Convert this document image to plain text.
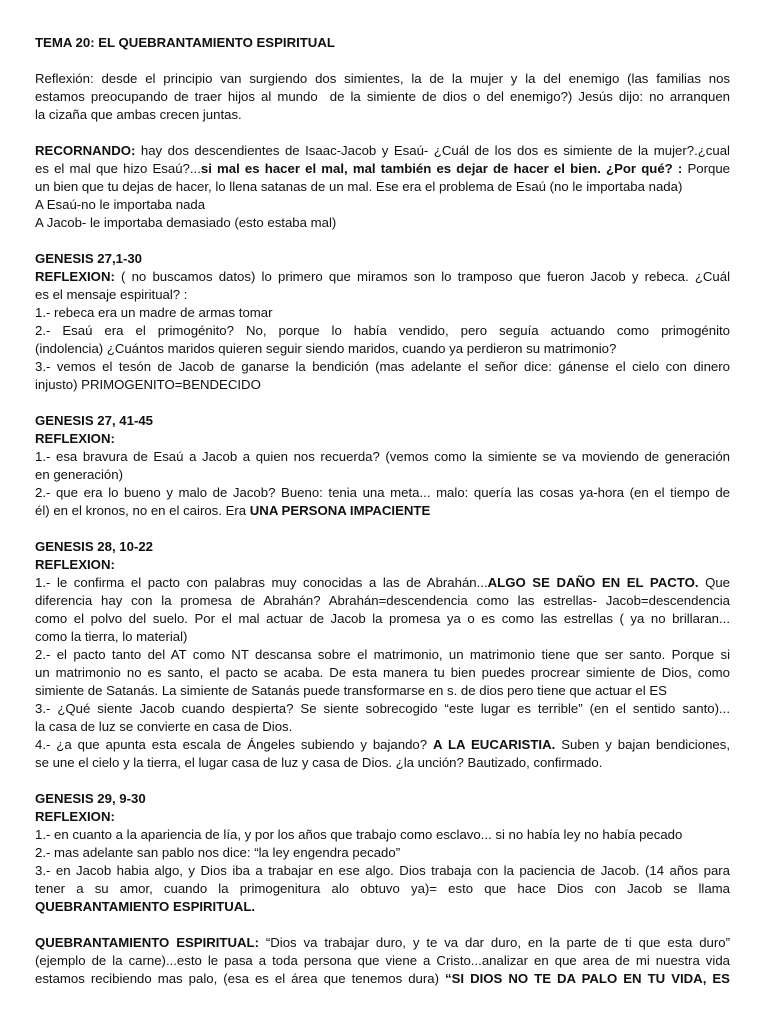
TEMA 20: EL QUEBRANTAMIENTO ESPIRITUAL
Reflexión: desde el principio van surgiendo dos simientes, la de la mujer y la del enemigo (las familias nos
estamos preocupando de traer hijos al mundo  de la simiente de dios o del enemigo?) Jesús dijo: no arranquen
la cizaña que ambas crecen juntas.
RECORNANDO: hay dos descendientes de Isaac-Jacob y Esaú- ¿Cuál de los dos es simiente de la mujer?.¿cual
es el mal que hizo Esaú?...si mal es hacer el mal, mal también es dejar de hacer el bien. ¿Por qué? : Porque
un bien que tu dejas de hacer, lo llena satanas de un mal. Ese era el problema de Esaú (no le importaba nada)
A Esaú-no le importaba nada
A Jacob- le importaba demasiado (esto estaba mal)
GENESIS 27,1-30
REFLEXION: ( no buscamos datos) lo primero que miramos son lo tramposo que fueron Jacob y rebeca. ¿Cuál
es el mensaje espiritual? :
1.- rebeca era un madre de armas tomar
2.- Esaú era el primogénito? No, porque lo había vendido, pero seguía actuando como primogénito
(indolencia) ¿Cuántos maridos quieren seguir siendo maridos, cuando ya perdieron su matrimonio?
3.- vemos el tesón de Jacob de ganarse la bendición (mas adelante el señor dice: gánense el cielo con dinero
injusto) PRIMOGENITO=BENDECIDO
GENESIS 27, 41-45
REFLEXION:
1.- esa bravura de Esaú a Jacob a quien nos recuerda? (vemos como la simiente se va moviendo de generación
en generación)
2.- que era lo bueno y malo de Jacob? Bueno: tenia una meta... malo: quería las cosas ya-hora (en el tiempo de
él) en el kronos, no en el cairos. Era UNA PERSONA IMPACIENTE
GENESIS 28, 10-22
REFLEXION:
1.- le confirma el pacto con palabras muy conocidas a las de Abrahán...ALGO SE DAÑO EN EL PACTO. Que
diferencia hay con la promesa de Abrahán? Abrahán=descendencia como las estrellas- Jacob=descendencia
como el polvo del suelo. Por el mal actuar de Jacob la promesa ya o es como las estrellas ( ya no brillaran...
como la tierra, lo material)
2.- el pacto tanto del AT como NT descansa sobre el matrimonio, un matrimonio tiene que ser santo. Porque si
un matrimonio no es santo, el pacto se acaba. De esta manera tu bien puedes procrear simiente de Dios, como
simiente de Satanás. La simiente de Satanás puede transformarse en s. de dios pero tiene que actuar el ES
3.- ¿Qué siente Jacob cuando despierta? Se siente sobrecogido “este lugar es terrible” (en el sentido santo)...
la casa de luz se convierte en casa de Dios.
4.- ¿a que apunta esta escala de Ángeles subiendo y bajando? A LA EUCARISTIA. Suben y bajan bendiciones,
se une el cielo y la tierra, el lugar casa de luz y casa de Dios. ¿la unción? Bautizado, confirmado.
GENESIS 29, 9-30
REFLEXION:
1.- en cuanto a la apariencia de lía, y por los años que trabajo como esclavo... si no había ley no había pecado
2.- mas adelante san pablo nos dice: “la ley engendra pecado”
3.- en Jacob habia algo, y Dios iba a trabajar en ese algo. Dios trabaja con la paciencia de Jacob. (14 años para
tener a su amor, cuando la primogenitura alo obtuvo ya)= esto que hace Dios con Jacob se llama
QUEBRANTAMIENTO ESPIRITUAL.
QUEBRANTAMIENTO ESPIRITUAL: “Dios va trabajar duro, y te va dar duro, en la parte de ti que esta duro”
(ejemplo de la carne)...esto le pasa a toda persona que viene a Cristo...analizar en que area de mi nuestra vida
estamos recibiendo mas palo, (esa es el área que tenemos dura) “SI DIOS NO TE DA PALO EN TU VIDA, ES
